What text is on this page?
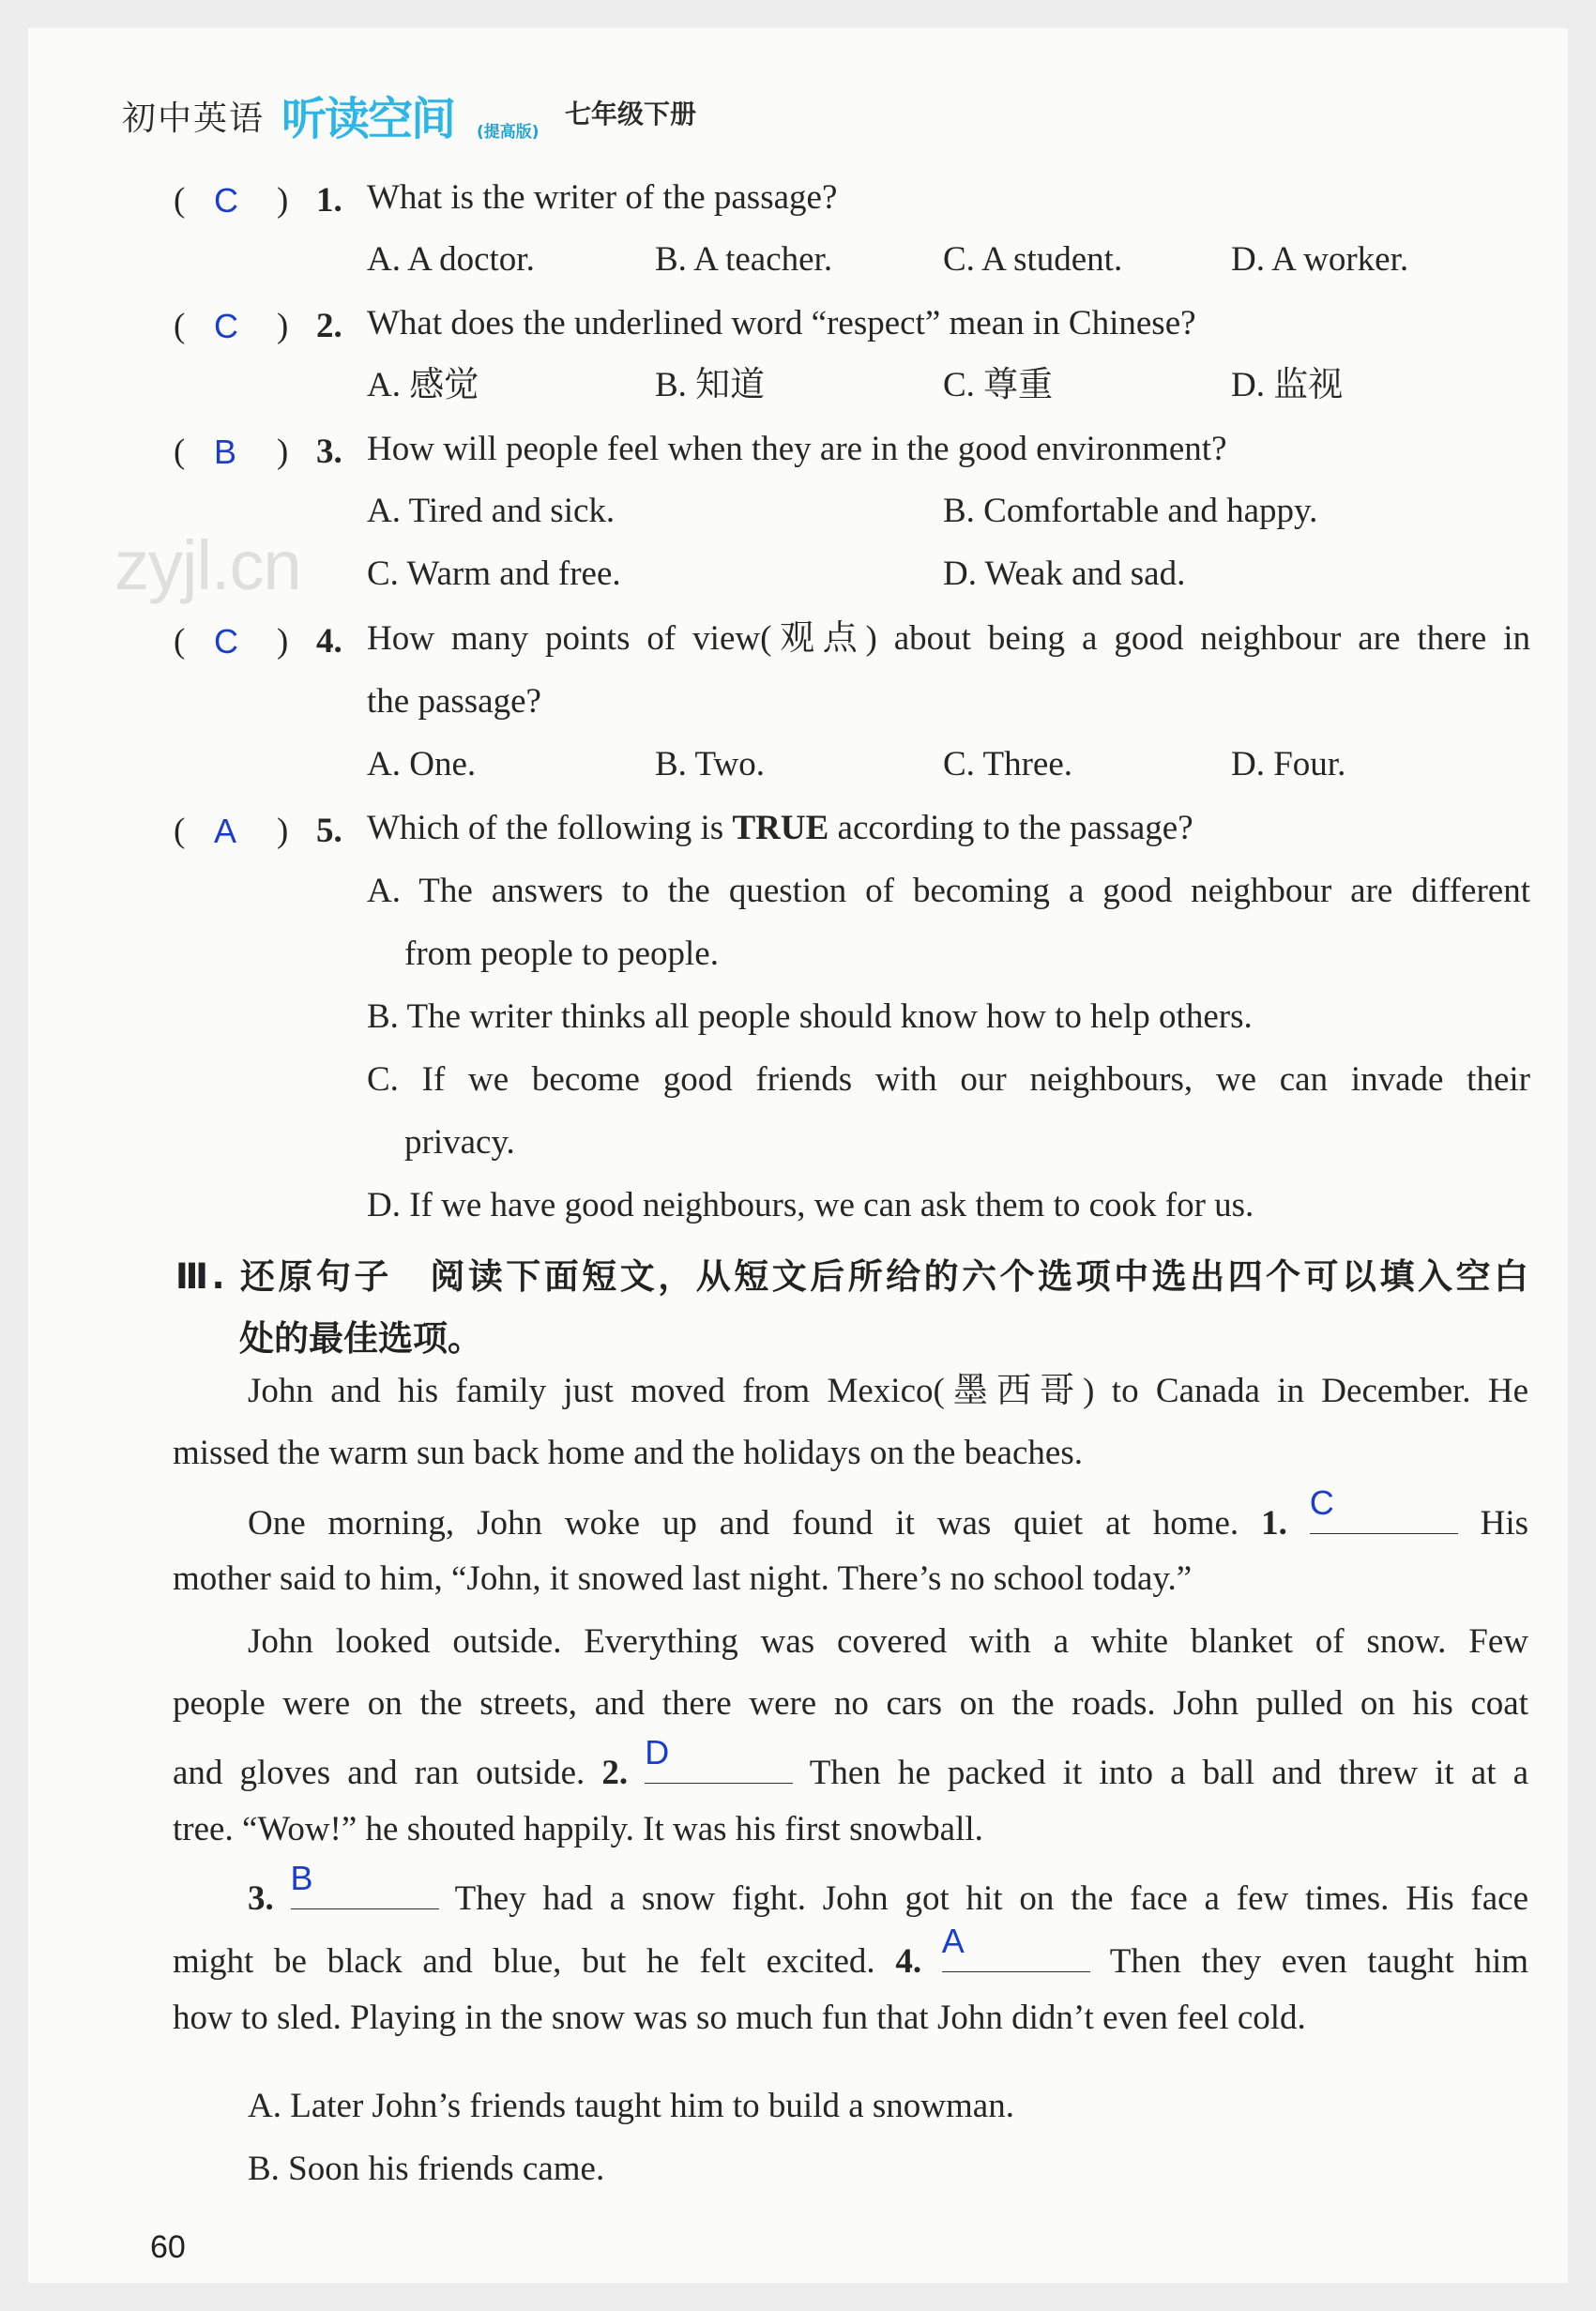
初中英语 听读空间 (提高版)
七年级下册
zyjl.cn
( C ) 1. What is the writer of the passage?
A. A doctor.	B. A teacher.	C. A student.	D. A worker.
( C ) 2. What does the underlined word “respect” mean in Chinese?
A. 感觉	B. 知道	C. 尊重	D. 监视
( B ) 3. How will people feel when they are in the good environment?
A. Tired and sick.	B. Comfortable and happy.
C. Warm and free.	D. Weak and sad.
( C ) 4. How many points of view(观点) about being a good neighbour are there in
the passage?
A. One.	B. Two.	C. Three.	D. Four.
( A ) 5. Which of the following is TRUE according to the passage?
A. The answers to the question of becoming a good neighbour are different
from people to people.
B. The writer thinks all people should know how to help others.
C. If we become good friends with our neighbours, we can invade their
privacy.
D. If we have good neighbours, we can ask them to cook for us.
Ⅲ. 还原句子　阅读下面短文，从短文后所给的六个选项中选出四个可以填入空白
处的最佳选项。
John and his family just moved from Mexico(墨西哥) to Canada in December. He
missed the warm sun back home and the holidays on the beaches.
One morning, John woke up and found it was quiet at home. 1.
C
His
mother said to him, “John, it snowed last night. There’s no school today.”
John looked outside. Everything was covered with a white blanket of snow. Few
people were on the streets, and there were no cars on the roads. John pulled on his coat
and gloves and ran outside. 2.
D
Then he packed it into a ball and threw it at a
tree. “Wow!” he shouted happily. It was his first snowball.
3.
B
They had a snow fight. John got hit on the face a few times. His face
might be black and blue, but he felt excited. 4.
A
Then they even taught him
how to sled. Playing in the snow was so much fun that John didn’t even feel cold.
A. Later John’s friends taught him to build a snowman.
B. Soon his friends came.
60
